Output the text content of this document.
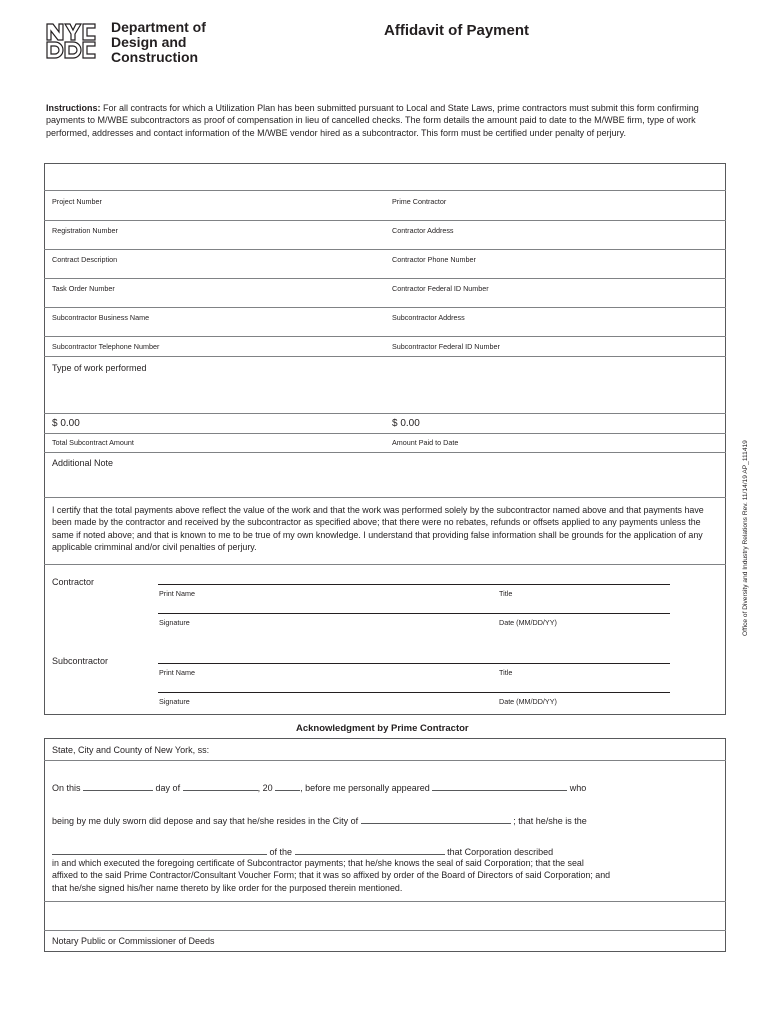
Department of
Design and
Construction
Affidavit of Payment
Instructions: For all contracts for which a Utilization Plan has been submitted pursuant to Local and State Laws, prime contractors must submit this form confirming payments to M/WBE subcontractors as proof of compensation in lieu of cancelled checks. The form details the amount paid to date to the M/WBE firm, type of work performed, addresses and contact information of the M/WBE vendor hired as a subcontractor. This form must be certified under penalty of perjury.
Project Number	Prime Contractor
Registration Number	Contractor Address
Contract Description	Contractor Phone Number
Task Order Number	Contractor Federal ID Number
Subcontractor Business Name	Subcontractor Address
Subcontractor Telephone Number	Subcontractor Federal ID Number
Type of work performed
$ 0.00	$ 0.00
Total Subcontract Amount	Amount Paid to Date
Additional Note
I certify that the total payments above reflect the value of the work and that the work was performed solely by the subcontractor named above and that payments have been made by the contractor and received by the subcontractor as specified above; that there were no rebates, refunds or offsets applied to any payments unless the same if noted above; and that is known to me to be true of my own knowledge. I understand that providing false information shall be grounds for the application of any applicable crimminal and/or civil penalties of perjury.
Contractor
Print Name	Title
Signature	Date (MM/DD/YY)
Subcontractor
Print Name	Title
Signature	Date (MM/DD/YY)
Office of Diversity and Industry Relations Rev. 11/14/19 AP_111419
Acknowledgment by Prime Contractor
State, City and County of New York, ss:
On this	day of	, 20	, before me personally appeared	who
being by me duly sworn did depose and say that he/she resides in the City of	; that he/she is the
of the	that Corporation described
in and which executed the foregoing certificate of Subcontractor payments; that he/she knows the seal of said Corporation; that the seal affixed to the said Prime Contractor/Consultant Voucher Form; that it was so affixed by order of the Board of Directors of said Corporation; and that he/she signed his/her name thereto by like order for the purposed therein mentioned.
Notary Public or Commissioner of Deeds
